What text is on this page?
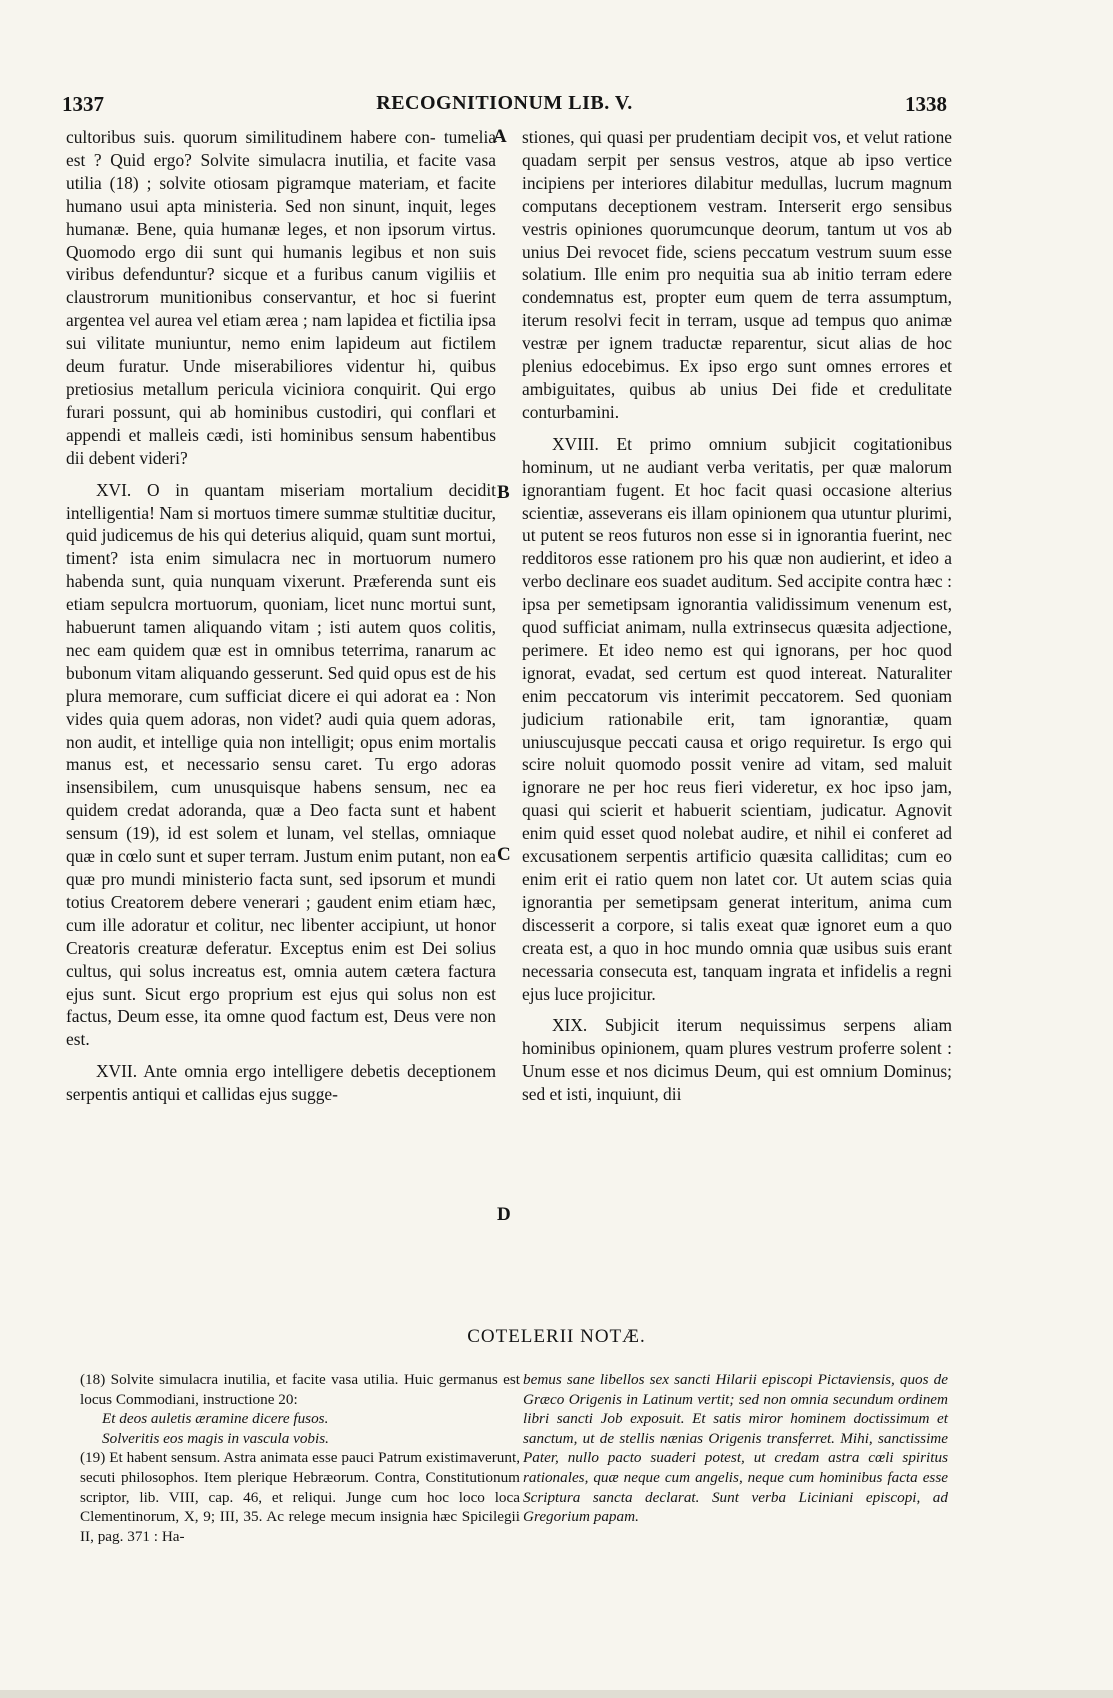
1337	RECOGNITIONUM LIB. V.	1338

cultoribus suis. quorum similitudinem habere con- tumelia est ? Quid ergo? Solvite simulacra inutilia, et facite vasa utilia (18) ; solvite otiosam pigramque materiam, et facite humano usui apta ministeria. Sed non sinunt, inquit, leges humanæ. Bene, quia humanæ leges, et non ipsorum virtus. Quomodo ergo dii sunt qui humanis legibus et non suis viribus defenduntur? sicque et a furibus canum vigiliis et claustrorum munitionibus conservantur, et hoc si fuerint argentea vel aurea vel etiam ærea ; nam lapidea et fictilia ipsa sui vilitate muniuntur, nemo enim lapideum aut fictilem deum furatur. Unde miserabiliores videntur hi, quibus pretiosius metallum pericula viciniora conquirit. Qui ergo furari possunt, qui ab hominibus custodiri, qui conflari et appendi et malleis cædi, isti hominibus sensum habentibus dii debent videri?

XVI. O in quantam miseriam mortalium decidit intelligentia! Nam si mortuos timere summæ stultitiæ ducitur, quid judicemus de his qui deterius aliquid, quam sunt mortui, timent? ista enim simulacra nec in mortuorum numero habenda sunt, quia nunquam vixerunt. Præferenda sunt eis etiam sepulcra mortuorum, quoniam, licet nunc mortui sunt, habuerunt tamen aliquando vitam ; isti autem quos colitis, nec eam quidem quæ est in omnibus teterrima, ranarum ac bubonum vitam aliquando gesserunt. Sed quid opus est de his plura memorare, cum sufficiat dicere ei qui adorat ea : Non vides quia quem adoras, non videt? audi quia quem adoras, non audit, et intellige quia non intelligit; opus enim mortalis manus est, et necessario sensu caret. Tu ergo adoras insensibilem, cum unusquisque habens sensum, nec ea quidem credat adoranda, quæ a Deo facta sunt et habent sensum (19), id est solem et lunam, vel stellas, omniaque quæ in cœlo sunt et super terram. Justum enim putant, non ea quæ pro mundi ministerio facta sunt, sed ipsorum et mundi totius Creatorem debere venerari ; gaudent enim etiam hæc, cum ille adoratur et colitur, nec libenter accipiunt, ut honor Creatoris creaturæ deferatur. Exceptus enim est Dei solius cultus, qui solus increatus est, omnia autem cætera factura ejus sunt. Sicut ergo proprium est ejus qui solus non est factus, Deum esse, ita omne quod factum est, Deus vere non est.

XVII. Ante omnia ergo intelligere debetis deceptionem serpentis antiqui et callidas ejus sugge-

stiones, qui quasi per prudentiam decipit vos, et velut ratione quadam serpit per sensus vestros, atque ab ipso vertice incipiens per interiores dilabitur medullas, lucrum magnum computans deceptionem vestram. Interserit ergo sensibus vestris opiniones quorumcunque deorum, tantum ut vos ab unius Dei revocet fide, sciens peccatum vestrum suum esse solatium. Ille enim pro nequitia sua ab initio terram edere condemnatus est, propter eum quem de terra assumptum, iterum resolvi fecit in terram, usque ad tempus quo animæ vestræ per ignem traductæ reparentur, sicut alias de hoc plenius edocebimus. Ex ipso ergo sunt omnes errores et ambiguitates, quibus ab unius Dei fide et credulitate conturbamini.

XVIII. Et primo omnium subjicit cogitationibus hominum, ut ne audiant verba veritatis, per quæ malorum ignorantiam fugent. Et hoc facit quasi occasione alterius scientiæ, asseverans eis illam opinionem qua utuntur plurimi, ut putent se reos futuros non esse si in ignorantia fuerint, nec redditoros esse rationem pro his quæ non audierint, et ideo a verbo declinare eos suadet auditum. Sed accipite contra hæc : ipsa per semetipsam ignorantia validissimum venenum est, quod sufficiat animam, nulla extrinsecus quæsita adjectione, perimere. Et ideo nemo est qui ignorans, per hoc quod ignorat, evadat, sed certum est quod intereat. Naturaliter enim peccatorum vis interimit peccatorem. Sed quoniam judicium rationabile erit, tam ignorantiæ, quam uniuscujusque peccati causa et origo requiretur. Is ergo qui scire noluit quomodo possit venire ad vitam, sed maluit ignorare ne per hoc reus fieri videretur, ex hoc ipso jam, quasi qui scierit et habuerit scientiam, judicatur. Agnovit enim quid esset quod nolebat audire, et nihil ei conferet ad excusationem serpentis artificio quæsita calliditas; cum eo enim erit ei ratio quem non latet cor. Ut autem scias quia ignorantia per semetipsam generat interitum, anima cum discesserit a corpore, si talis exeat quæ ignoret eum a quo creata est, a quo in hoc mundo omnia quæ usibus suis erant necessaria consecuta est, tanquam ingrata et infidelis a regni ejus luce projicitur.

XIX. Subjicit iterum nequissimus serpens aliam hominibus opinionem, quam plures vestrum proferre solent : Unum esse et nos dicimus Deum, qui est omnium Dominus; sed et isti, inquiunt, dii

A
B
C
D
COTELERII NOTÆ.

(18) Solvite simulacra inutilia, et facite vasa utilia. Huic germanus est locus Commodiani, instructione 20:

Et deos auletis æramine dicere fusos.

Solveritis eos magis in vascula vobis.

(19) Et habent sensum. Astra animata esse pauci Patrum existimaverunt, secuti philosophos. Item plerique Hebræorum. Contra, Constitutionum scriptor, lib. VIII, cap. 46, et reliqui. Junge cum hoc loco loca Clementinorum, X, 9; III, 35. Ac relege mecum insignia hæc Spicilegii II, pag. 371 : Ha-

bemus sane libellos sex sancti Hilarii episcopi Pictaviensis, quos de Græco Origenis in Latinum vertit; sed non omnia secundum ordinem libri sancti Job exposuit. Et satis miror hominem doctissimum et sanctum, ut de stellis nænias Origenis transferret. Mihi, sanctissime Pater, nullo pacto suaderi potest, ut credam astra cœli spiritus rationales, quæ neque cum angelis, neque cum hominibus facta esse Scriptura sancta declarat. Sunt verba Liciniani episcopi, ad Gregorium papam.
